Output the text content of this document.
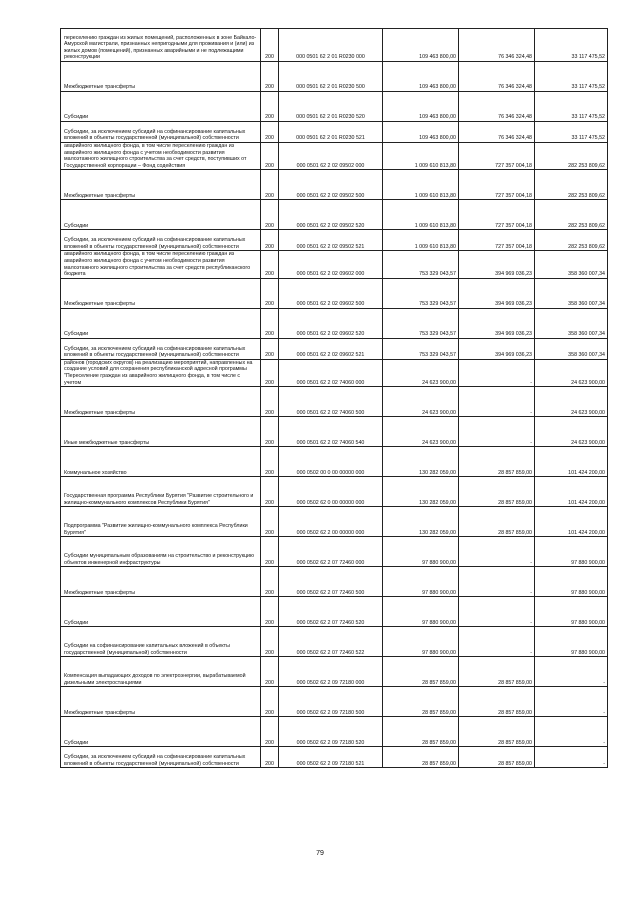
переселению граждан из жилых помещений, расположенных в зоне Байкало-Амурской магистрали, признанных непригодными для проживания и (или) из жилых домов (помещений), признанных аварийными и не подлежащими реконструкции	200	000 0501 62 2 01 R0230 000	109 463 800,00	76 346 324,48	33 117 475,52
Межбюджетные трансферты	200	000 0501 62 2 01 R0230 500	109 463 800,00	76 346 324,48	33 117 475,52
Субсидии	200	000 0501 62 2 01 R0230 520	109 463 800,00	76 346 324,48	33 117 475,52
Субсидии, за исключением субсидий на софинансирование капитальных вложений в объекты государственной (муниципальной) собственности	200	000 0501 62 2 01 R0230 521	109 463 800,00	76 346 324,48	33 117 475,52
аварийного жилищного фонда, в том числе переселению граждан из аварийного жилищного фонда с учетом необходимости развития малоэтажного жилищного строительства за счет средств, поступивших от Государственной корпорации – Фонд содействия	200	000 0501 62 2 02 09502 000	1 009 610 813,80	727 357 004,18	282 253 809,62
Межбюджетные трансферты	200	000 0501 62 2 02 09502 500	1 009 610 813,80	727 357 004,18	282 253 809,62
Субсидии	200	000 0501 62 2 02 09502 520	1 009 610 813,80	727 357 004,18	282 253 809,62
Субсидии, за исключением субсидий на софинансирование капитальных вложений в объекты государственной (муниципальной) собственности	200	000 0501 62 2 02 09502 521	1 009 610 813,80	727 357 004,18	282 253 809,62
аварийного жилищного фонда, в том числе переселению граждан из аварийного жилищного фонда с учетом необходимости развития малоэтажного жилищного строительства за счет средств республиканского бюджета	200	000 0501 62 2 02 09602 000	753 329 043,57	394 969 036,23	358 360 007,34
Межбюджетные трансферты	200	000 0501 62 2 02 09602 500	753 329 043,57	394 969 036,23	358 360 007,34
Субсидии	200	000 0501 62 2 02 09602 520	753 329 043,57	394 969 036,23	358 360 007,34
Субсидии, за исключением субсидий на софинансирование капитальных вложений в объекты государственной (муниципальной) собственности	200	000 0501 62 2 02 09602 521	753 329 043,57	394 969 036,23	358 360 007,34
районов (городских округов) на реализацию мероприятий, направленных на создание условий для сохранения республиканской адресной программы "Переселение граждан из аварийного жилищного фонда, в том числе с учетом	200	000 0501 62 2 02 74060 000	24 623 900,00	-	24 623 900,00
Межбюджетные трансферты	200	000 0501 62 2 02 74060 500	24 623 900,00	-	24 623 900,00
Иные межбюджетные трансферты	200	000 0501 62 2 02 74060 540	24 623 900,00	-	24 623 900,00
Коммунальное хозяйство	200	000 0502 00 0 00 00000 000	130 282 059,00	28 857 859,00	101 424 200,00
Государственная программа Республики Бурятия "Развитие строительного и жилищно-коммунального комплексов Республики Бурятия"	200	000 0502 62 0 00 00000 000	130 282 059,00	28 857 859,00	101 424 200,00
Подпрограмма "Развитие жилищно-коммунального комплекса Республики Бурятия"	200	000 0502 62 2 00 00000 000	130 282 059,00	28 857 859,00	101 424 200,00
Субсидии муниципальным образованиям на строительство и реконструкцию объектов инженерной инфраструктуры	200	000 0502 62 2 07 72460 000	97 880 900,00	-	97 880 900,00
Межбюджетные трансферты	200	000 0502 62 2 07 72460 500	97 880 900,00	-	97 880 900,00
Субсидии	200	000 0502 62 2 07 72460 520	97 880 900,00	-	97 880 900,00
Субсидии на софинансирование капитальных вложений в объекты государственной (муниципальной) собственности	200	000 0502 62 2 07 72460 522	97 880 900,00	-	97 880 900,00
Компенсация выпадающих доходов по электроэнергии, вырабатываемой дизельными электростанциями	200	000 0502 62 2 09 72180 000	28 857 859,00	28 857 859,00	-
Межбюджетные трансферты	200	000 0502 62 2 09 72180 500	28 857 859,00	28 857 859,00	-
Субсидии	200	000 0502 62 2 09 72180 520	28 857 859,00	28 857 859,00	-
Субсидии, за исключением субсидий на софинансирование капитальных вложений в объекты государственной (муниципальной) собственности	200	000 0502 62 2 09 72180 521	28 857 859,00	28 857 859,00	-
79
